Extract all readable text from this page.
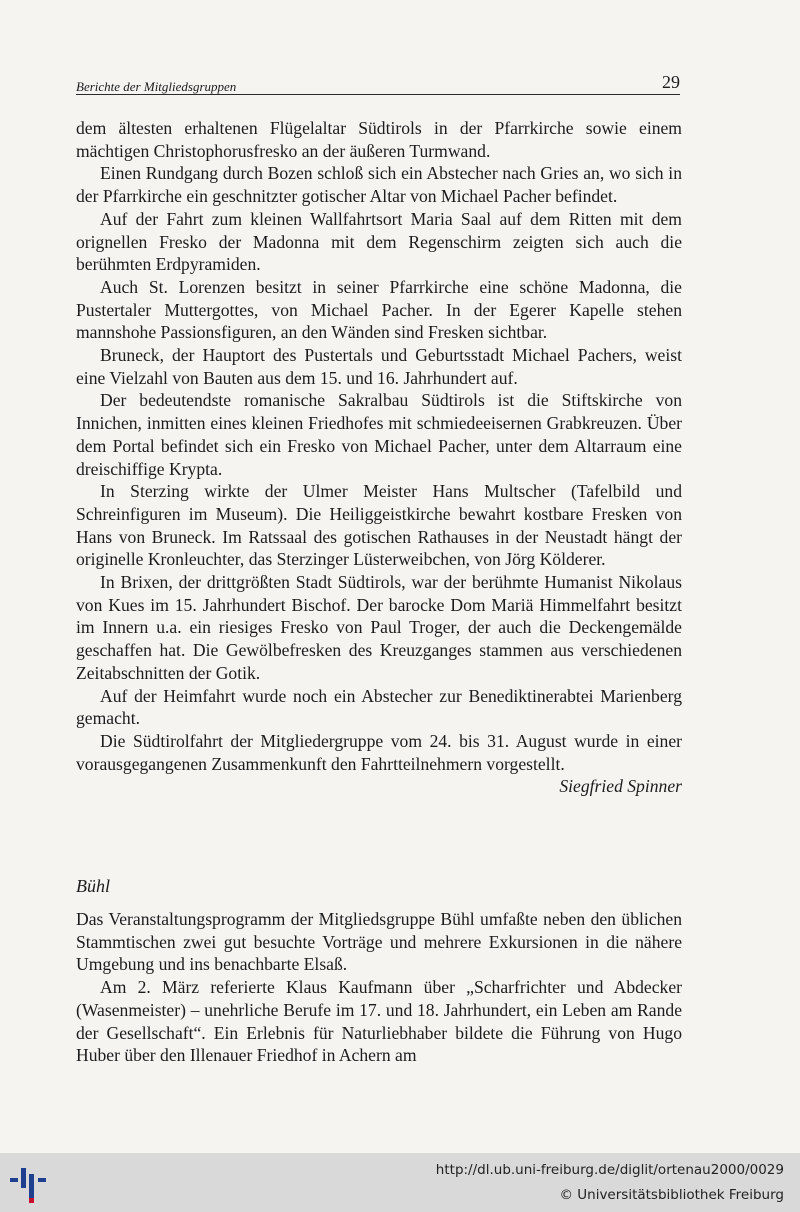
Berichte der Mitgliedsgruppen	29

dem ältesten erhaltenen Flügelaltar Südtirols in der Pfarrkirche sowie einem mächtigen Christophorusfresko an der äußeren Turmwand.

Einen Rundgang durch Bozen schloß sich ein Abstecher nach Gries an, wo sich in der Pfarrkirche ein geschnitzter gotischer Altar von Michael Pacher befindet.

Auf der Fahrt zum kleinen Wallfahrtsort Maria Saal auf dem Ritten mit dem orignellen Fresko der Madonna mit dem Regenschirm zeigten sich auch die berühmten Erdpyramiden.

Auch St. Lorenzen besitzt in seiner Pfarrkirche eine schöne Madonna, die Pustertaler Muttergottes, von Michael Pacher. In der Egerer Kapelle stehen mannshohe Passionsfiguren, an den Wänden sind Fresken sichtbar.

Bruneck, der Hauptort des Pustertals und Geburtsstadt Michael Pachers, weist eine Vielzahl von Bauten aus dem 15. und 16. Jahrhundert auf.

Der bedeutendste romanische Sakralbau Südtirols ist die Stiftskirche von Innichen, inmitten eines kleinen Friedhofes mit schmiedeeisernen Grabkreuzen. Über dem Portal befindet sich ein Fresko von Michael Pacher, unter dem Altarraum eine dreischiffige Krypta.

In Sterzing wirkte der Ulmer Meister Hans Multscher (Tafelbild und Schreinfiguren im Museum). Die Heiliggeistkirche bewahrt kostbare Fresken von Hans von Bruneck. Im Ratssaal des gotischen Rathauses in der Neustadt hängt der originelle Kronleuchter, das Sterzinger Lüsterweibchen, von Jörg Kölderer.

In Brixen, der drittgrößten Stadt Südtirols, war der berühmte Humanist Nikolaus von Kues im 15. Jahrhundert Bischof. Der barocke Dom Mariä Himmelfahrt besitzt im Innern u.a. ein riesiges Fresko von Paul Troger, der auch die Deckengemälde geschaffen hat. Die Gewölbefresken des Kreuzganges stammen aus verschiedenen Zeitabschnitten der Gotik.

Auf der Heimfahrt wurde noch ein Abstecher zur Benediktinerabtei Marienberg gemacht.

Die Südtirolfahrt der Mitgliedergruppe vom 24. bis 31. August wurde in einer vorausgegangenen Zusammenkunft den Fahrtteilnehmern vorgestellt.

Siegfried Spinner

Bühl

Das Veranstaltungsprogramm der Mitgliedsgruppe Bühl umfaßte neben den üblichen Stammtischen zwei gut besuchte Vorträge und mehrere Exkursionen in die nähere Umgebung und ins benachbarte Elsaß.

Am 2. März referierte Klaus Kaufmann über „Scharfrichter und Abdecker (Wasenmeister) – unehrliche Berufe im 17. und 18. Jahrhundert, ein Leben am Rande der Gesellschaft“. Ein Erlebnis für Naturliebhaber bildete die Führung von Hugo Huber über den Illenauer Friedhof in Achern am

http://dl.ub.uni-freiburg.de/diglit/ortenau2000/0029
© Universitätsbibliothek Freiburg
